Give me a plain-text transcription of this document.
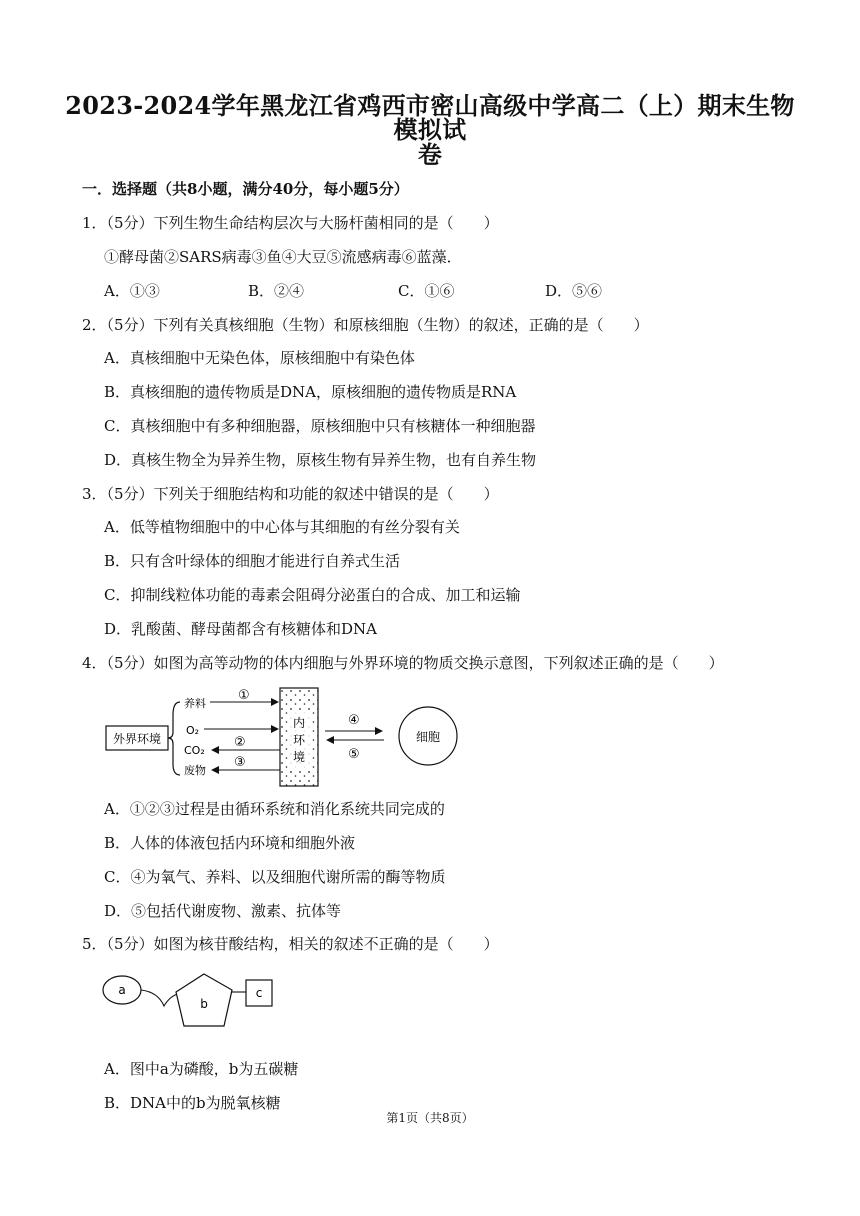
2023-2024学年黑龙江省鸡西市密山高级中学高二（上）期末生物模拟试
卷
一．选择题（共8小题，满分40分，每小题5分）
1．（5分）下列生物生命结构层次与大肠杆菌相同的是（　　）
①酵母菌②SARS病毒③鱼④大豆⑤流感病毒⑥蓝藻．
A．①③	B．②④	C．①⑥	D．⑤⑥
2．（5分）下列有关真核细胞（生物）和原核细胞（生物）的叙述，正确的是（　　）
A．真核细胞中无染色体，原核细胞中有染色体
B．真核细胞的遗传物质是DNA，原核细胞的遗传物质是RNA
C．真核细胞中有多种细胞器，原核细胞中只有核糖体一种细胞器
D．真核生物全为异养生物，原核生物有异养生物，也有自养生物
3．（5分）下列关于细胞结构和功能的叙述中错误的是（　　）
A．低等植物细胞中的中心体与其细胞的有丝分裂有关
B．只有含叶绿体的细胞才能进行自养式生活
C．抑制线粒体功能的毒素会阻碍分泌蛋白的合成、加工和运输
D．乳酸菌、酵母菌都含有核糖体和DNA
4．（5分）如图为高等动物的体内细胞与外界环境的物质交换示意图，下列叙述正确的是（　　）
外界环境
养料
O₂
CO₂
废物
①
②
③
内
环
境
④
⑤
细胞
A．①②③过程是由循环系统和消化系统共同完成的
B．人体的体液包括内环境和细胞外液
C．④为氧气、养料、以及细胞代谢所需的酶等物质
D．⑤包括代谢废物、激素、抗体等
5．（5分）如图为核苷酸结构，相关的叙述不正确的是（　　）
a
b
c
A．图中a为磷酸，b为五碳糖
B．DNA中的b为脱氧核糖
第1页（共8页）
